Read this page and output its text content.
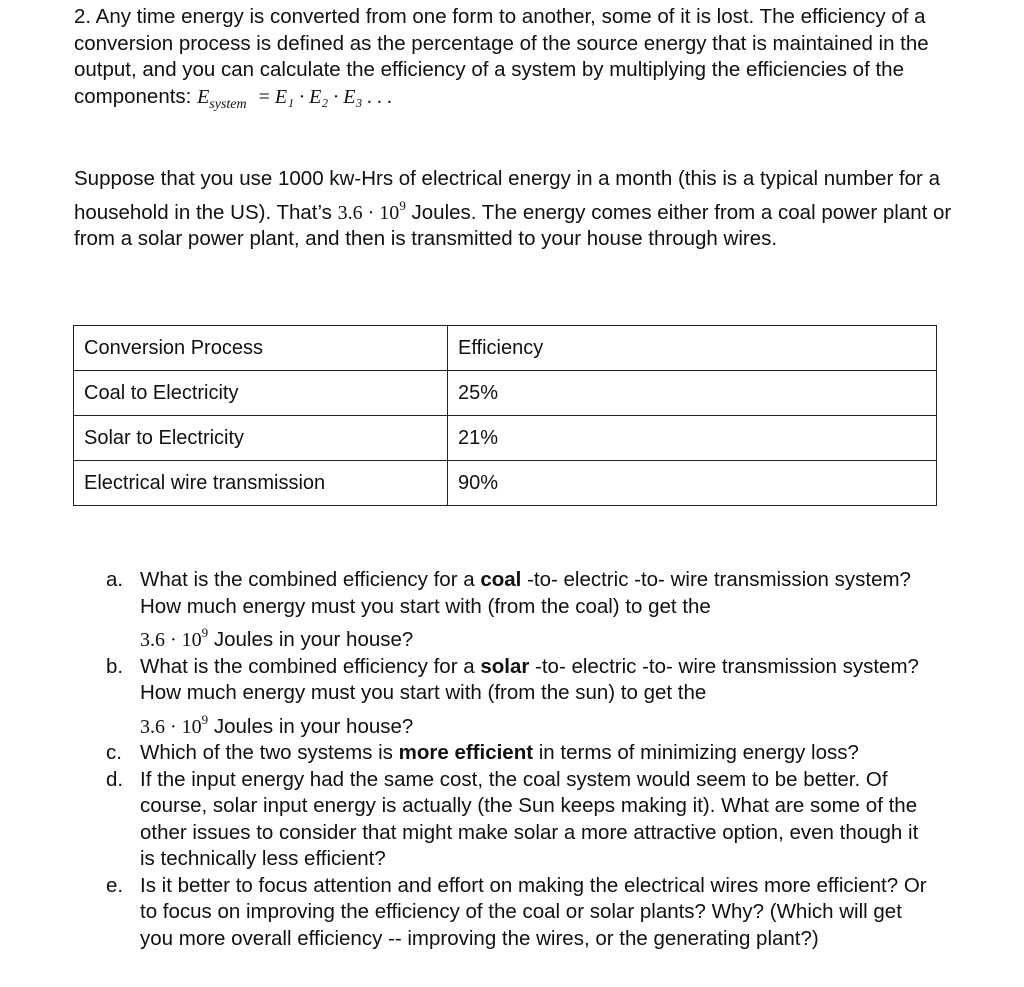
2. Any time energy is converted from one form to another, some of it is lost. The efficiency of a conversion process is defined as the percentage of the source energy that is maintained in the output, and you can calculate the efficiency of a system by multiplying the efficiencies of the components: $E_{system} = E_1 \cdot E_2 \cdot E_3$ . . .
Suppose that you use 1000 kw-Hrs of electrical energy in a month (this is a typical number for a household in the US). That’s $3.6 \cdot 10^9$ Joules. The energy comes either from a coal power plant or from a solar power plant, and then is transmitted to your house through wires.
Conversion Process	Efficiency
Coal to Electricity	25%
Solar to Electricity	21%
Electrical wire transmission	90%
a. What is the combined efficiency for a coal -to- electric -to- wire transmission system? How much energy must you start with (from the coal) to get the
$3.6 \cdot 10^9$ Joules in your house?
b. What is the combined efficiency for a solar -to- electric -to- wire transmission system? How much energy must you start with (from the sun) to get the
$3.6 \cdot 10^9$ Joules in your house?
c. Which of the two systems is more efficient in terms of minimizing energy loss?
d. If the input energy had the same cost, the coal system would seem to be better. Of course, solar input energy is actually (the Sun keeps making it). What are some of the other issues to consider that might make solar a more attractive option, even though it is technically less efficient?
e. Is it better to focus attention and effort on making the electrical wires more efficient? Or to focus on improving the efficiency of the coal or solar plants? Why? (Which will get you more overall efficiency -- improving the wires, or the generating plant?)
